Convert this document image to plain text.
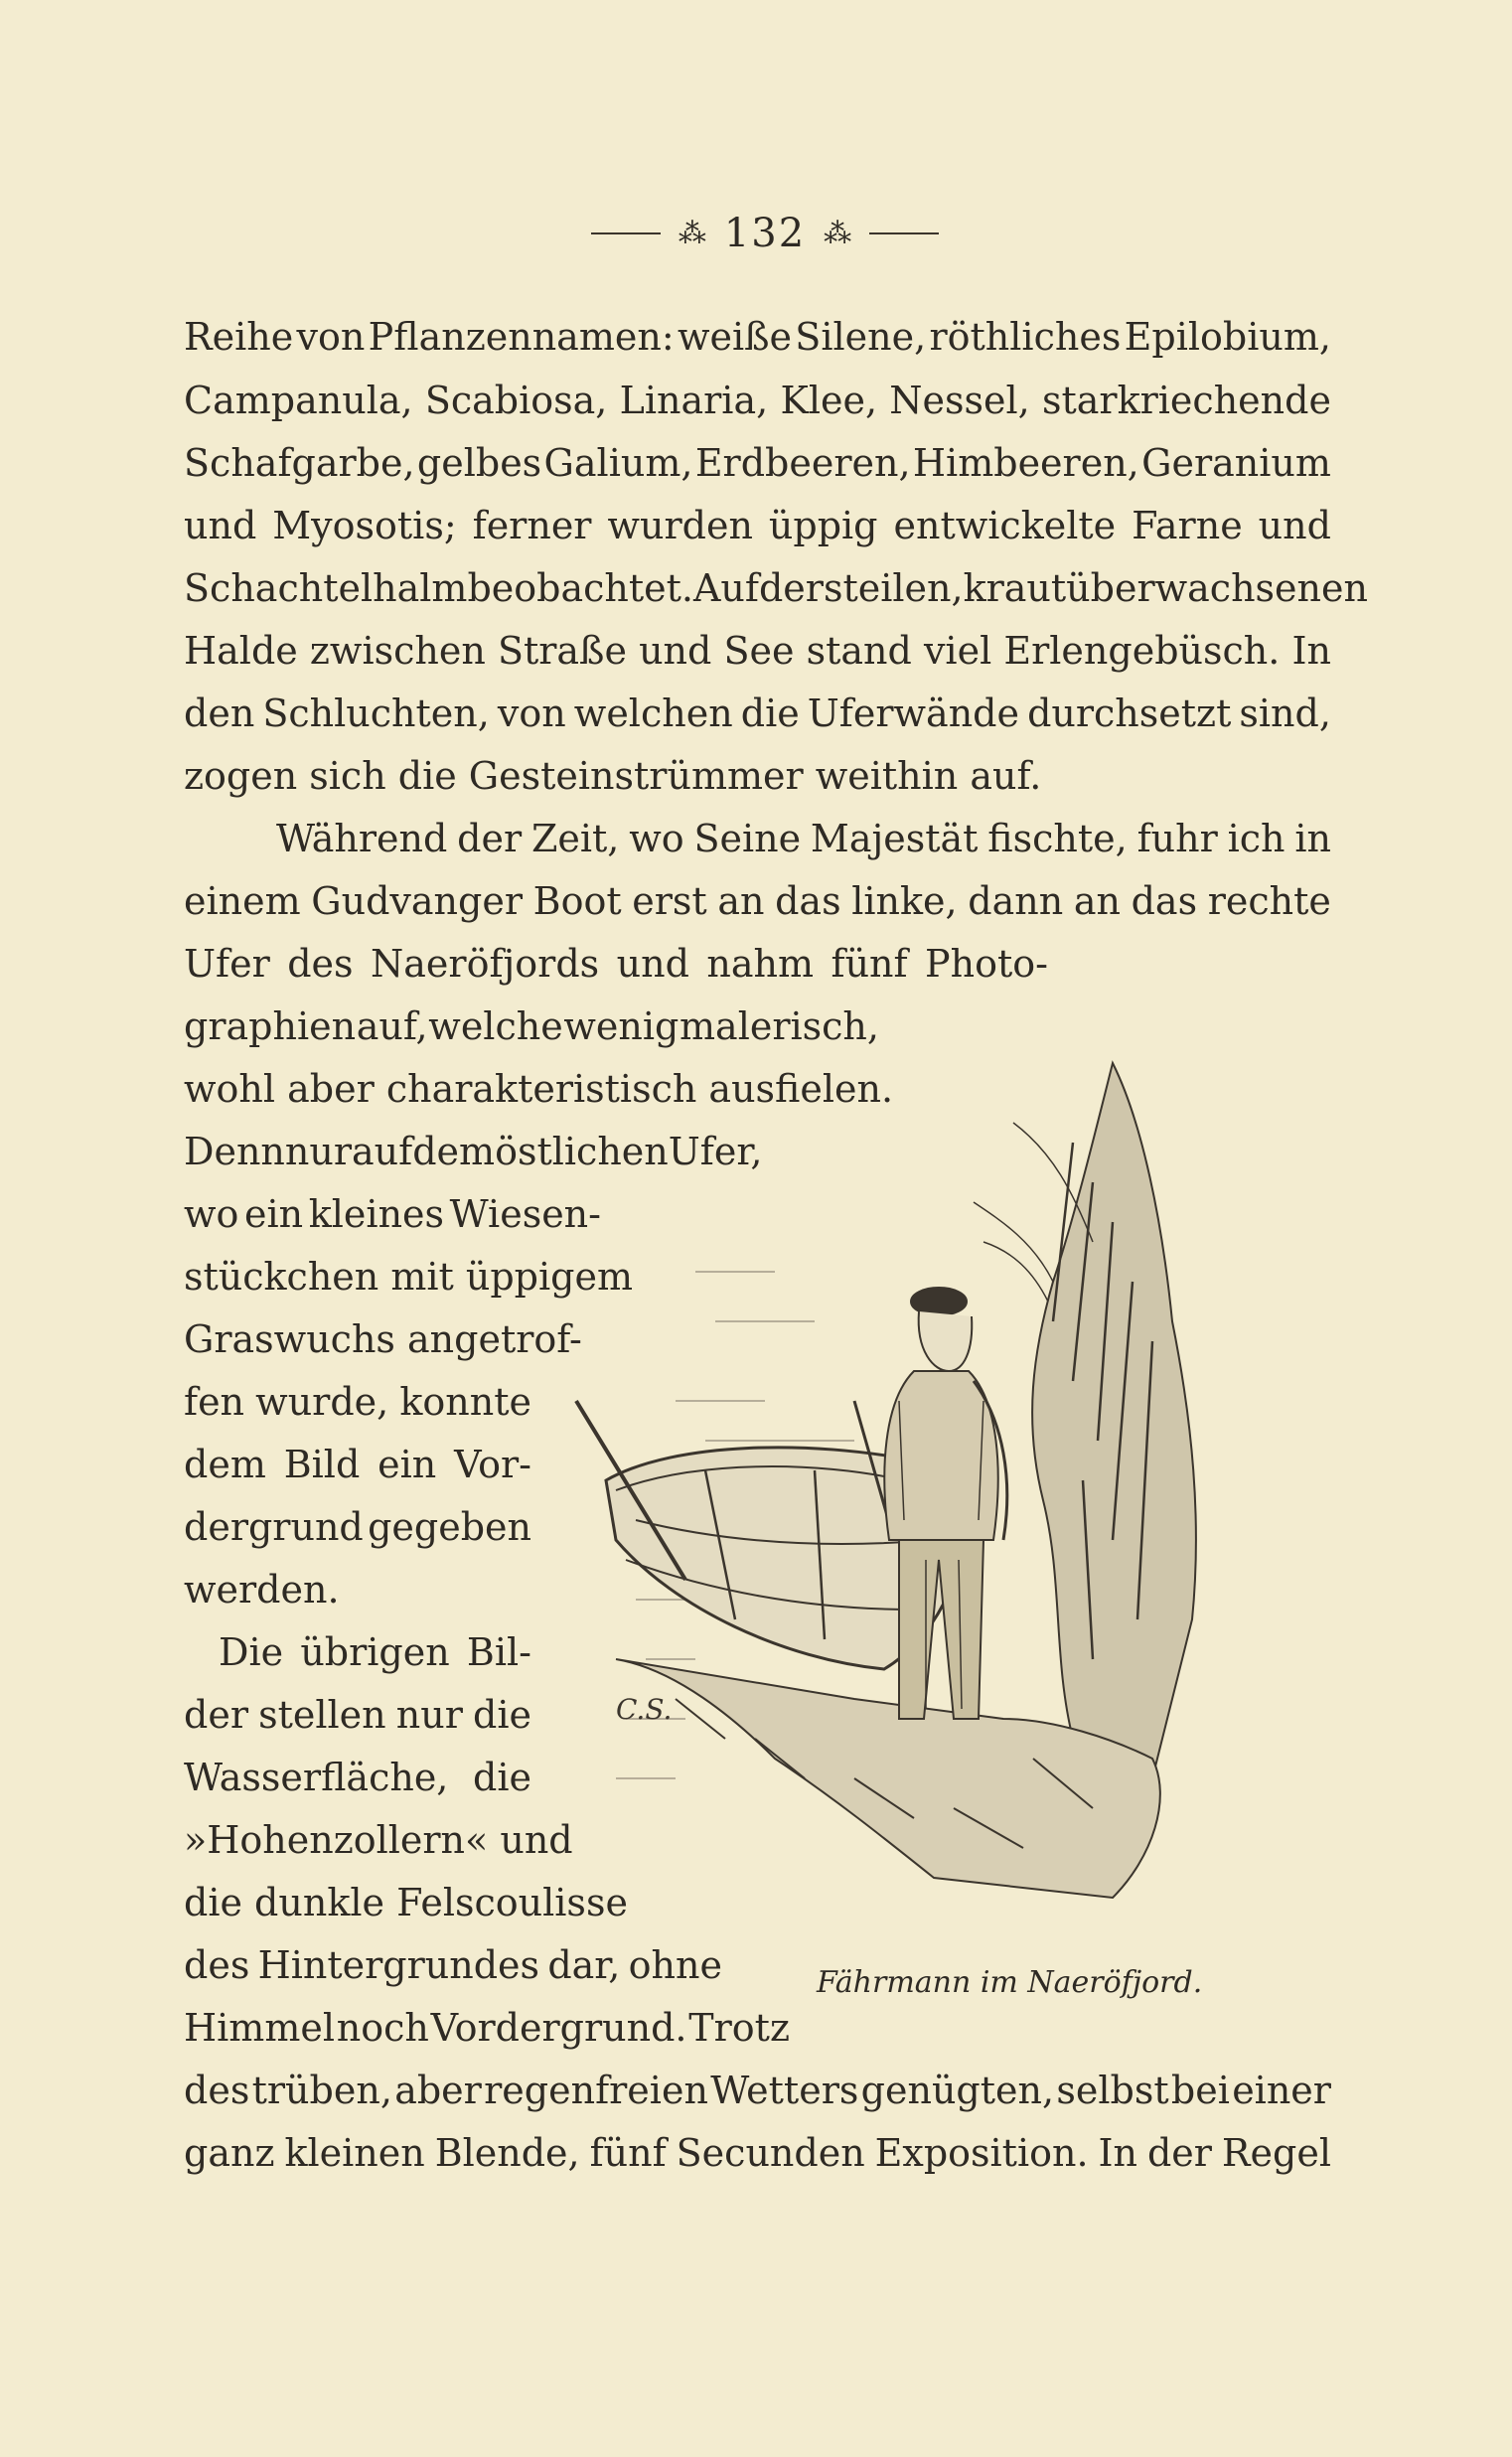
⁂ 132 ⁂
Reihe von Pflanzennamen: weiße Silene, röthliches Epilobium,
Campanula, Scabiosa, Linaria, Klee, Nessel, starkriechende
Schafgarbe, gelbes Galium, Erdbeeren, Himbeeren, Geranium
und Myosotis; ferner wurden üppig entwickelte Farne und
Schachtelhalm beobachtet. Auf der steilen, krautüberwachsenen
Halde zwischen Straße und See stand viel Erlengebüsch. In
den Schluchten, von welchen die Uferwände durchsetzt sind,
zogen sich die Gesteinstrümmer weithin auf.
Während der Zeit, wo Seine Majestät fischte, fuhr ich in
einem Gudvanger Boot erst an das linke, dann an das rechte
Ufer des Naeröfjords und nahm fünf Photo-
graphien auf, welche wenig malerisch,
wohl aber charakteristisch ausfielen.
Denn nur auf dem östlichen Ufer,
wo ein kleines Wiesen-
stückchen mit üppigem
Graswuchs angetrof-
fen wurde, konnte
dem Bild ein Vor-
dergrund gegeben
werden.
Die übrigen Bil-
der stellen nur die
Wasserfläche, die
»Hohenzollern« und
die dunkle Felscoulisse
des Hintergrundes dar, ohne
Himmel noch Vordergrund. Trotz
des trüben, aber regenfreien Wetters genügten, selbst bei einer
ganz kleinen Blende, fünf Secunden Exposition. In der Regel
C.S.
Fährmann im Naeröfjord.
